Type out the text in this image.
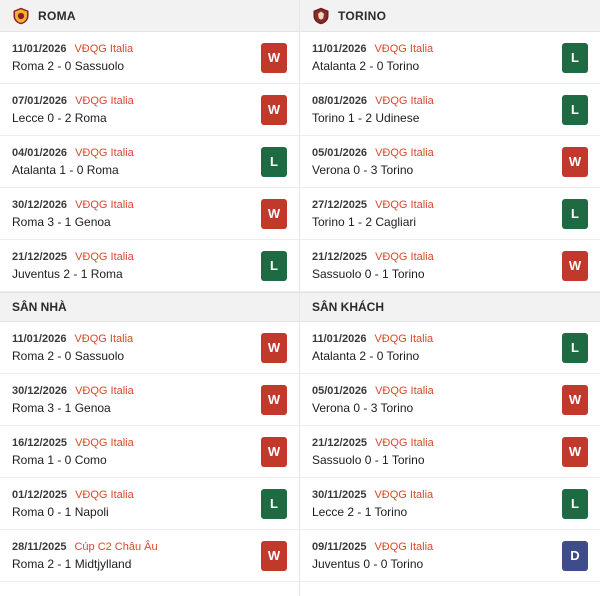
ROMA
11/01/2026 VĐQG Italia
Roma 2 - 0 Sassuolo
W
07/01/2026 VĐQG Italia
Lecce 0 - 2 Roma
W
04/01/2026 VĐQG Italia
Atalanta 1 - 0 Roma
L
30/12/2026 VĐQG Italia
Roma 3 - 1 Genoa
W
21/12/2025 VĐQG Italia
Juventus 2 - 1 Roma
L
SÂN NHÀ
11/01/2026 VĐQG Italia
Roma 2 - 0 Sassuolo
W
30/12/2026 VĐQG Italia
Roma 3 - 1 Genoa
W
16/12/2025 VĐQG Italia
Roma 1 - 0 Como
W
01/12/2025 VĐQG Italia
Roma 0 - 1 Napoli
L
28/11/2025 Cúp C2 Châu Âu
Roma 2 - 1 Midtjylland
W
TORINO
11/01/2026 VĐQG Italia
Atalanta 2 - 0 Torino
L
08/01/2026 VĐQG Italia
Torino 1 - 2 Udinese
L
05/01/2026 VĐQG Italia
Verona 0 - 3 Torino
W
27/12/2025 VĐQG Italia
Torino 1 - 2 Cagliari
L
21/12/2025 VĐQG Italia
Sassuolo 0 - 1 Torino
W
SÂN KHÁCH
11/01/2026 VĐQG Italia
Atalanta 2 - 0 Torino
L
05/01/2026 VĐQG Italia
Verona 0 - 3 Torino
W
21/12/2025 VĐQG Italia
Sassuolo 0 - 1 Torino
W
30/11/2025 VĐQG Italia
Lecce 2 - 1 Torino
L
09/11/2025 VĐQG Italia
Juventus 0 - 0 Torino
D
